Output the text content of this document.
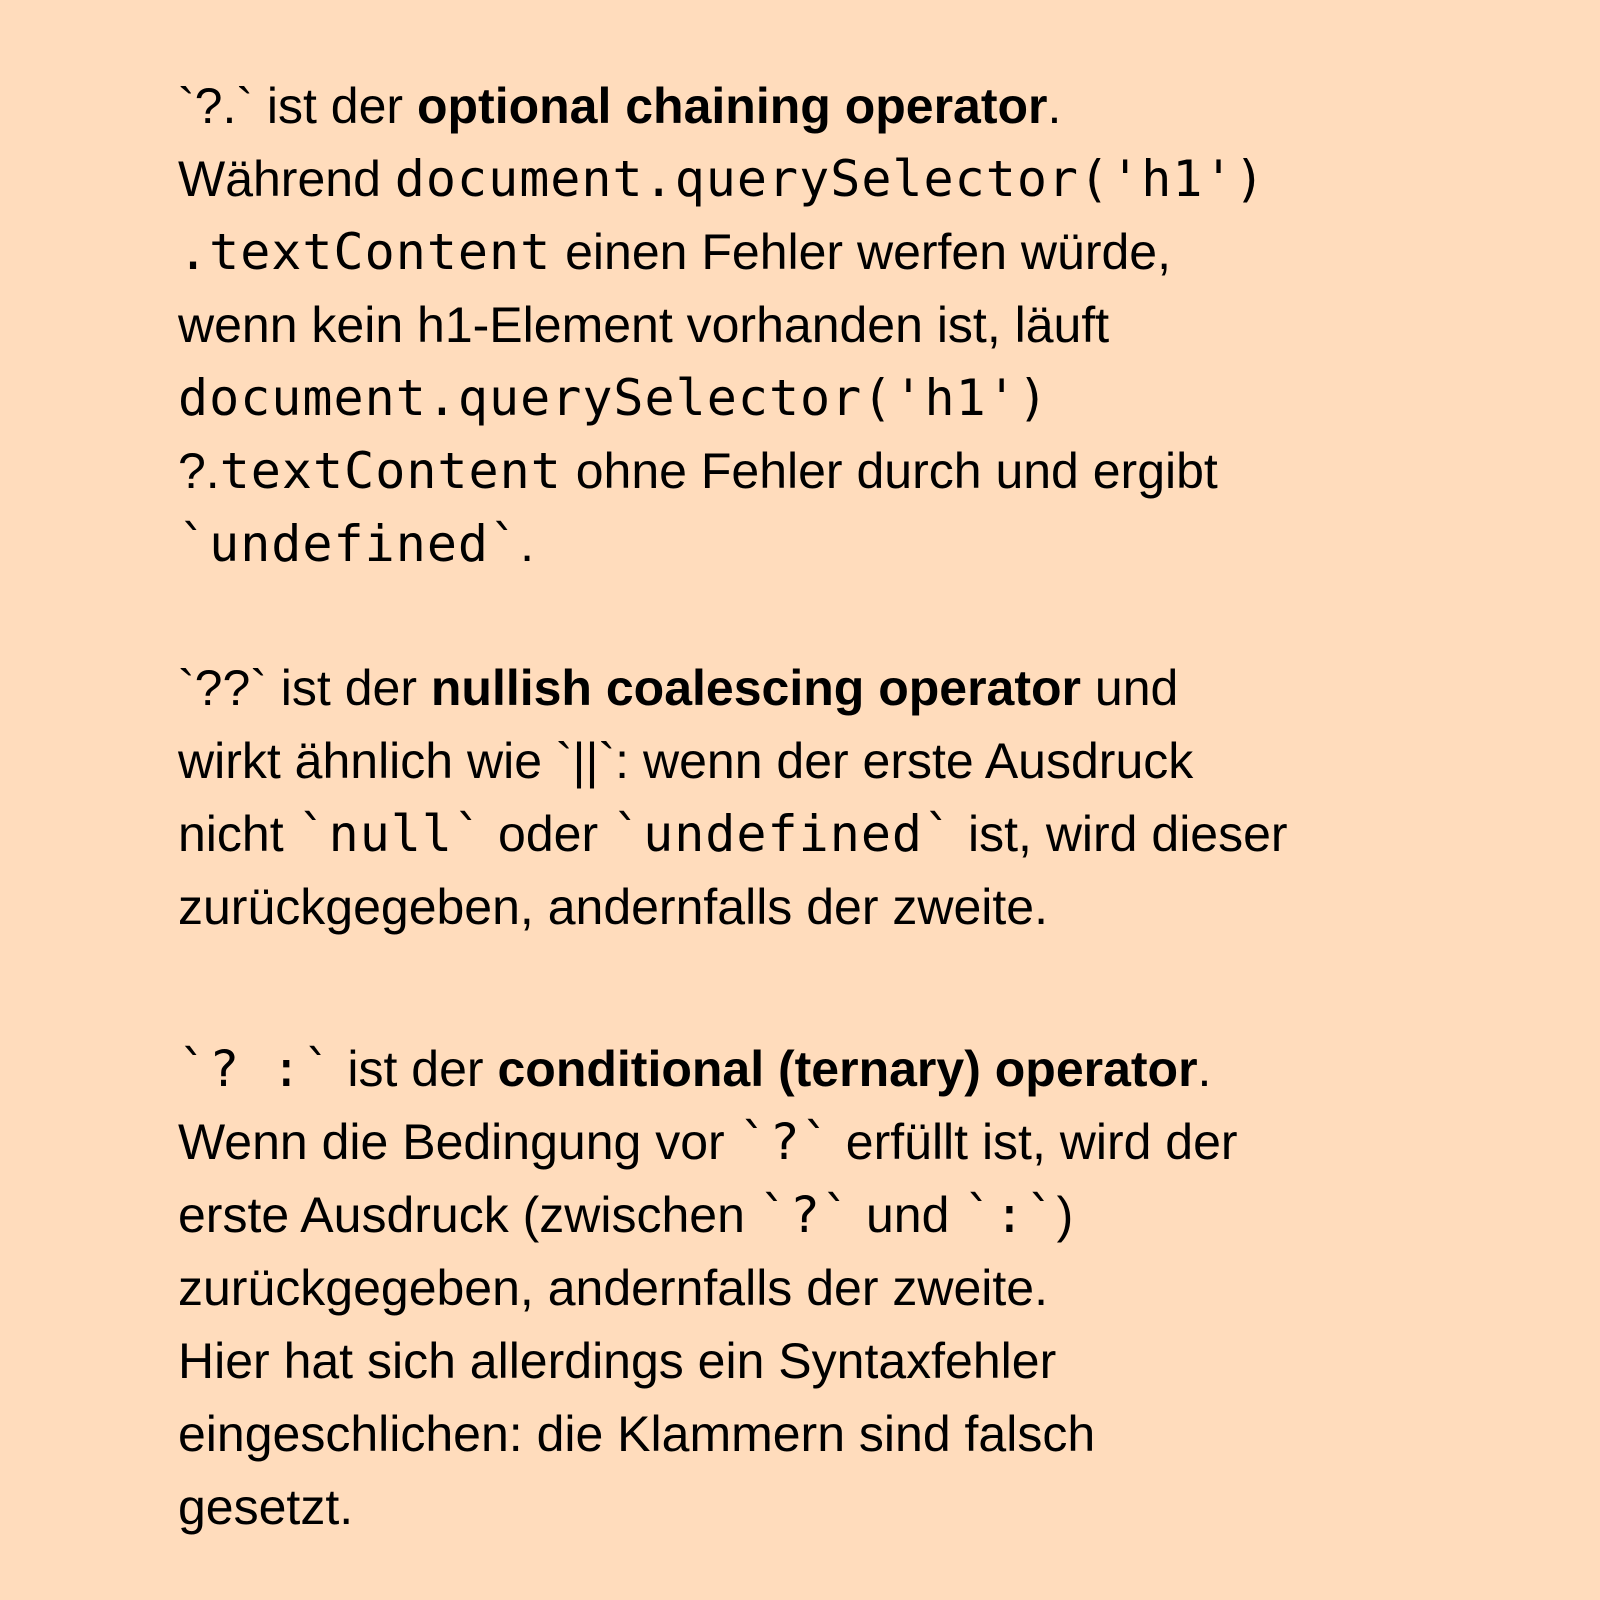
`?.` ist der optional chaining operator.
Während document.querySelector('h1')
.textContent einen Fehler werfen würde,
wenn kein h1-Element vorhanden ist, läuft
document.querySelector('h1')
?.textContent ohne Fehler durch und ergibt
`undefined`.
`??` ist der nullish coalescing operator und
wirkt ähnlich wie `||`: wenn der erste Ausdruck
nicht `null` oder `undefined` ist, wird dieser
zurückgegeben, andernfalls der zweite.
`? :` ist der conditional (ternary) operator.
Wenn die Bedingung vor `?` erfüllt ist, wird der
erste Ausdruck (zwischen `?` und `:`)
zurückgegeben, andernfalls der zweite.
Hier hat sich allerdings ein Syntaxfehler
eingeschlichen: die Klammern sind falsch
gesetzt.
